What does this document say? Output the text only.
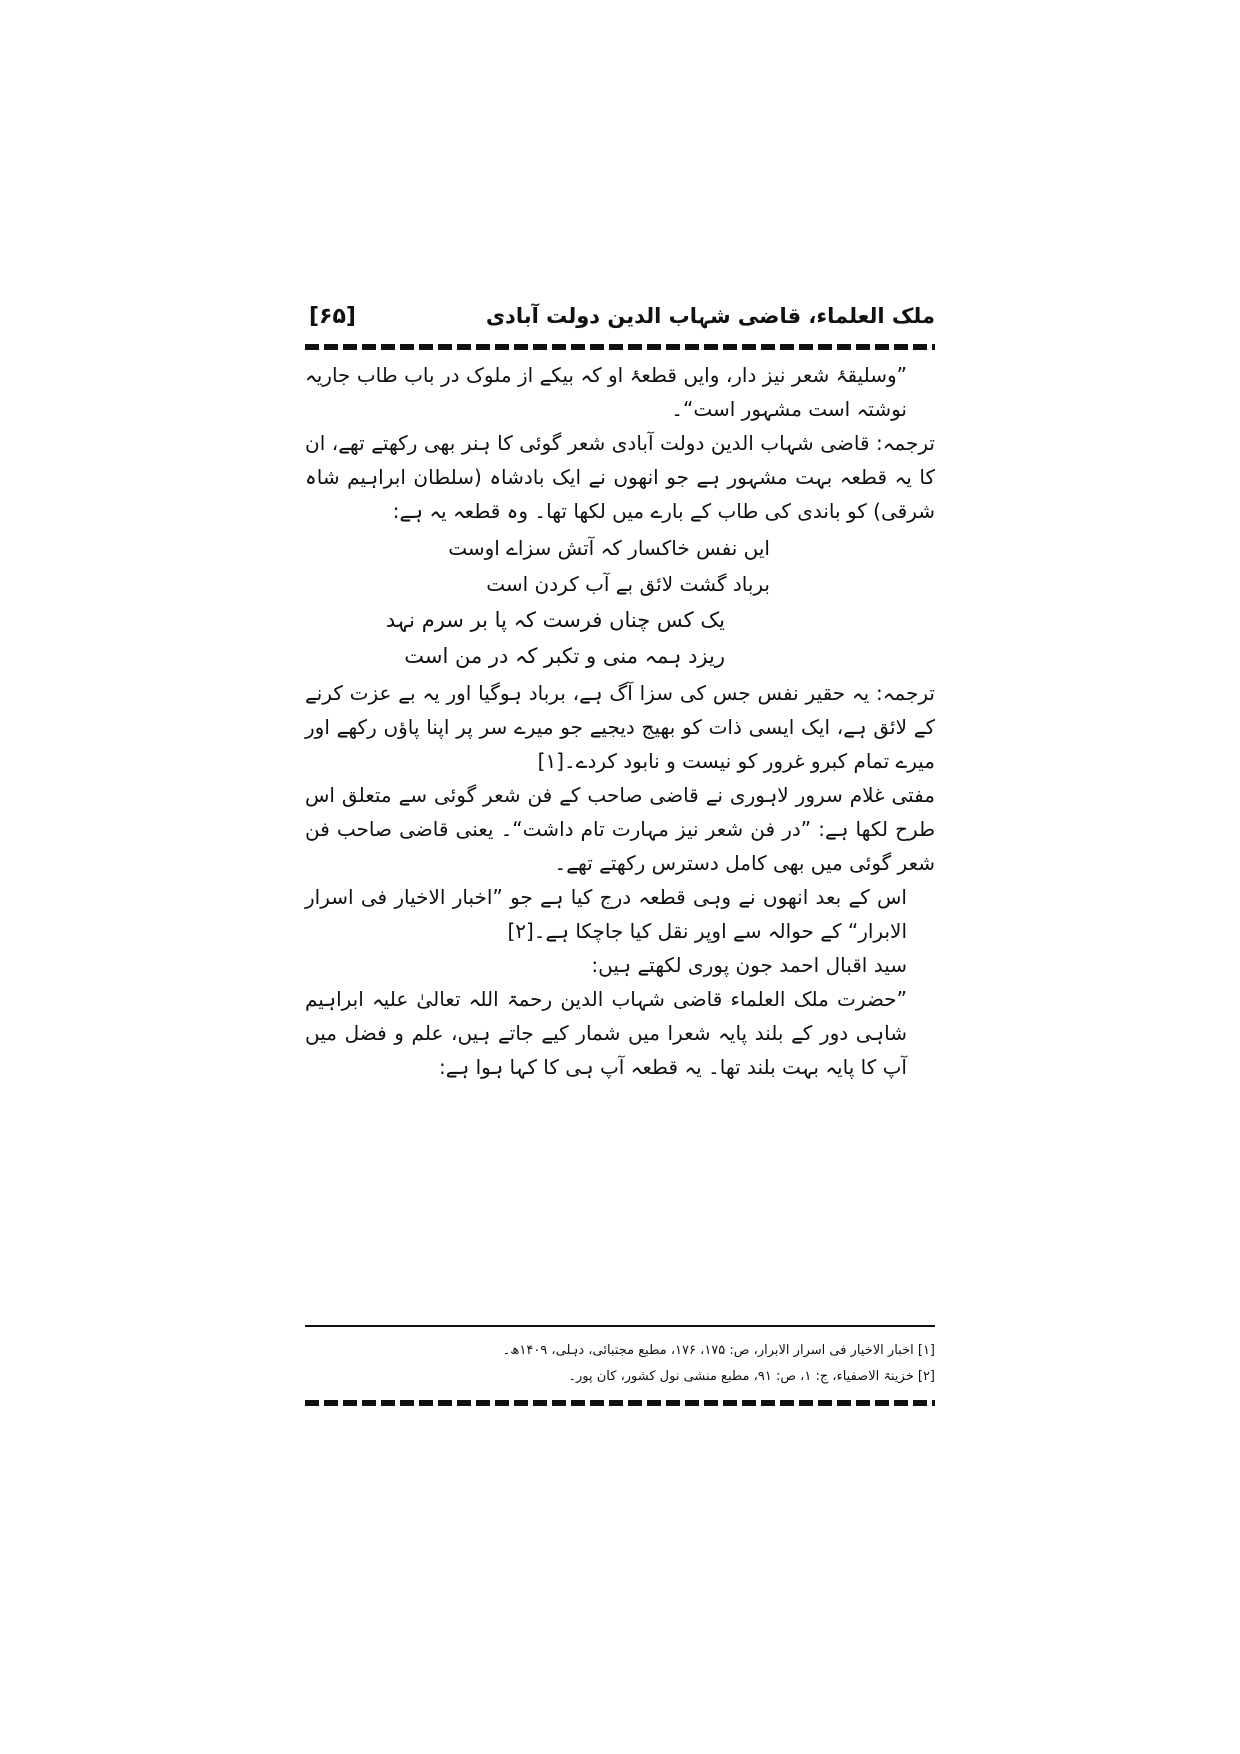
ملک العلماء، قاضی شہاب الدین دولت آبادی
[۶۵]

”وسلیقۂ شعر نیز دار، وایں قطعۂ او کہ بیکے از ملوک در باب طاب جاریہ نوشتہ است مشہور است“۔

ترجمہ: قاضی شہاب الدین دولت آبادی شعر گوئی کا ہنر بھی رکھتے تھے، ان کا یہ قطعہ بہت مشہور ہے جو انھوں نے ایک بادشاہ (سلطان ابراہیم شاہ شرقی) کو باندی کی طاب کے بارے میں لکھا تھا۔ وہ قطعہ یہ ہے:

ایں نفس خاکسار کہ آتش سزاے اوست
برباد گشت لائق بے آب کردن است
یک کس چناں فرست کہ پا بر سرم نہد
ریزد ہمہ منی و تکبر کہ در من است

ترجمہ: یہ حقیر نفس جس کی سزا آگ ہے، برباد ہوگیا اور یہ بے عزت کرنے کے لائق ہے، ایک ایسی ذات کو بھیج دیجیے جو میرے سر پر اپنا پاؤں رکھے اور میرے تمام کبرو غرور کو نیست و نابود کردے۔[۱]

مفتی غلام سرور لاہوری نے قاضی صاحب کے فن شعر گوئی سے متعلق اس طرح لکھا ہے: ”در فن شعر نیز مہارت تام داشت“۔ یعنی قاضی صاحب فن شعر گوئی میں بھی کامل دسترس رکھتے تھے۔

اس کے بعد انھوں نے وہی قطعہ درج کیا ہے جو ”اخبار الاخیار فی اسرار الابرار“ کے حوالہ سے اوپر نقل کیا جاچکا ہے۔[۲]

سید اقبال احمد جون پوری لکھتے ہیں:

”حضرت ملک العلماء قاضی شہاب الدین رحمۃ اللہ تعالیٰ علیہ ابراہیم شاہی دور کے بلند پایہ شعرا میں شمار کیے جاتے ہیں، علم و فضل میں آپ کا پایہ بہت بلند تھا۔ یہ قطعہ آپ ہی کا کہا ہوا ہے:

[۱] اخبار الاخیار فی اسرار الابرار، ص: ۱۷۵، ۱۷۶، مطبع مجتبائی، دہلی، ۱۴۰۹ھ۔

[۲] خزینۃ الاصفیاء، ج: ۱، ص: ۹۱، مطبع منشی نول کشور، کان پور۔
